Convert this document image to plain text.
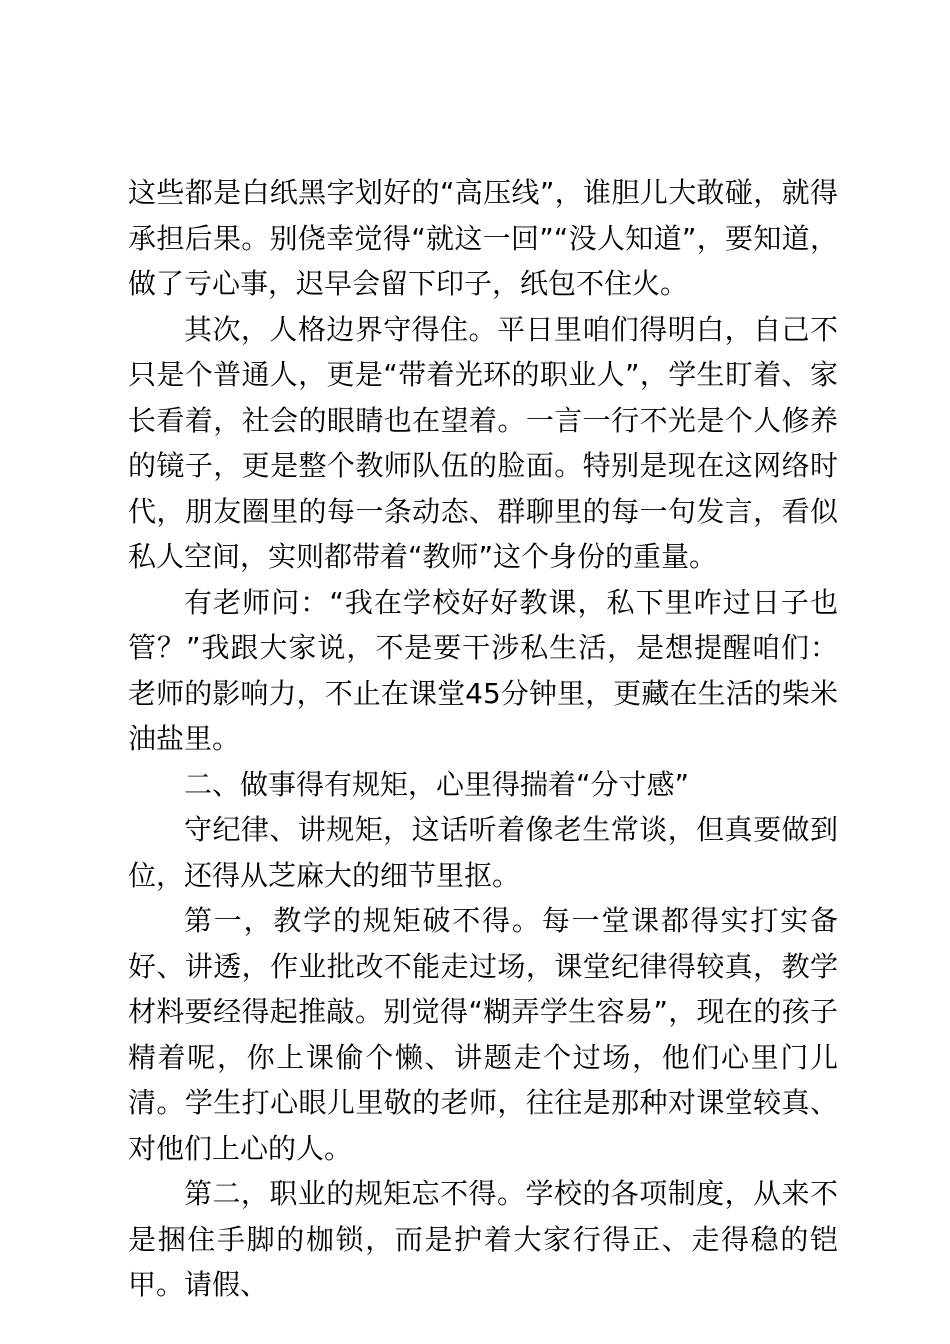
这些都是白纸黑字划好的“高压线”，谁胆儿大敢碰，就得承担后果。别侥幸觉得“就这一回”“没人知道”，要知道，做了亏心事，迟早会留下印子，纸包不住火。

其次，人格边界守得住。平日里咱们得明白，自己不只是个普通人，更是“带着光环的职业人”，学生盯着、家长看着，社会的眼睛也在望着。一言一行不光是个人修养的镜子，更是整个教师队伍的脸面。特别是现在这网络时代，朋友圈里的每一条动态、群聊里的每一句发言，看似私人空间，实则都带着“教师”这个身份的重量。

有老师问：“我在学校好好教课，私下里咋过日子也管？”我跟大家说，不是要干涉私生活，是想提醒咱们：老师的影响力，不止在课堂45分钟里，更藏在生活的柴米油盐里。

二、做事得有规矩，心里得揣着“分寸感”

守纪律、讲规矩，这话听着像老生常谈，但真要做到位，还得从芝麻大的细节里抠。

第一，教学的规矩破不得。每一堂课都得实打实备好、讲透，作业批改不能走过场，课堂纪律得较真，教学材料要经得起推敲。别觉得“糊弄学生容易”，现在的孩子精着呢，你上课偷个懒、讲题走个过场，他们心里门儿清。学生打心眼儿里敬的老师，往往是那种对课堂较真、对他们上心的人。

第二，职业的规矩忘不得。学校的各项制度，从来不是捆住手脚的枷锁，而是护着大家行得正、走得稳的铠甲。请假、
